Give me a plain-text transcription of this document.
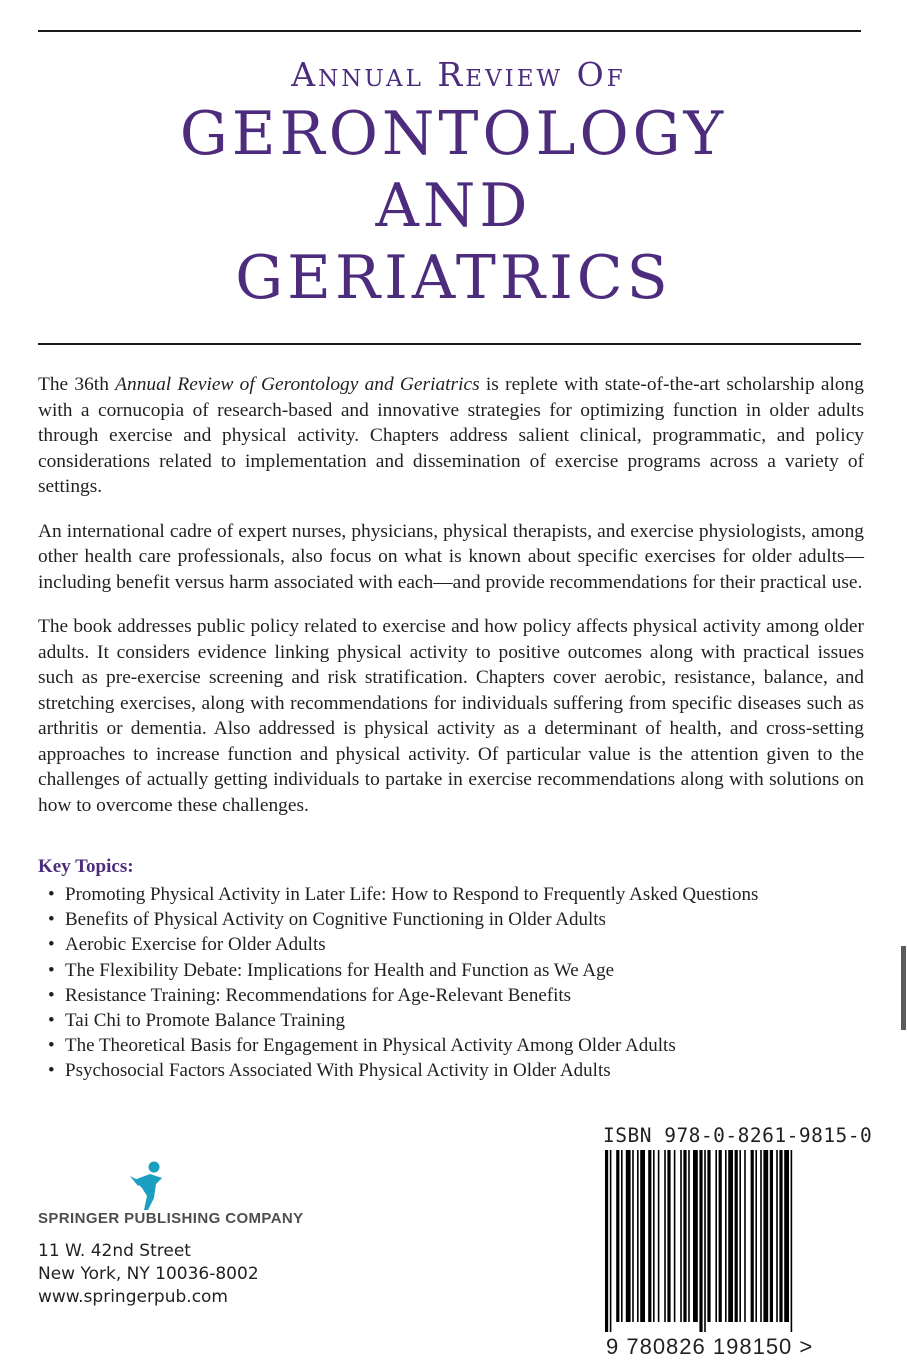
Annual Review Of
GERONTOLOGY
AND
GERIATRICS

The 36th Annual Review of Gerontology and Geriatrics is replete with state-of-the-art scholarship along with a cornucopia of research-based and innovative strategies for optimizing function in older adults through exercise and physical activity. Chapters address salient clinical, programmatic, and policy considerations related to implementation and dissemination of exercise programs across a variety of settings.

An international cadre of expert nurses, physicians, physical therapists, and exercise physiologists, among other health care professionals, also focus on what is known about specific exercises for older adults—including benefit versus harm associated with each—and provide recommendations for their practical use.

The book addresses public policy related to exercise and how policy affects physical activity among older adults. It considers evidence linking physical activity to positive outcomes along with practical issues such as pre-exercise screening and risk stratification. Chapters cover aerobic, resistance, balance, and stretching exercises, along with recommendations for individuals suffering from specific diseases such as arthritis or dementia. Also addressed is physical activity as a determinant of health, and cross-setting approaches to increase function and physical activity. Of particular value is the attention given to the challenges of actually getting individuals to partake in exercise recommendations along with solutions on how to overcome these challenges.

Key Topics:
• Promoting Physical Activity in Later Life: How to Respond to Frequently Asked Questions
• Benefits of Physical Activity on Cognitive Functioning in Older Adults
• Aerobic Exercise for Older Adults
• The Flexibility Debate: Implications for Health and Function as We Age
• Resistance Training: Recommendations for Age-Relevant Benefits
• Tai Chi to Promote Balance Training
• The Theoretical Basis for Engagement in Physical Activity Among Older Adults
• Psychosocial Factors Associated With Physical Activity in Older Adults
ISBN 978-0-8261-9815-0
9 780826 198150 >
SPRINGER PUBLISHING COMPANY
11 W. 42nd Street
New York, NY 10036-8002
www.springerpub.com
